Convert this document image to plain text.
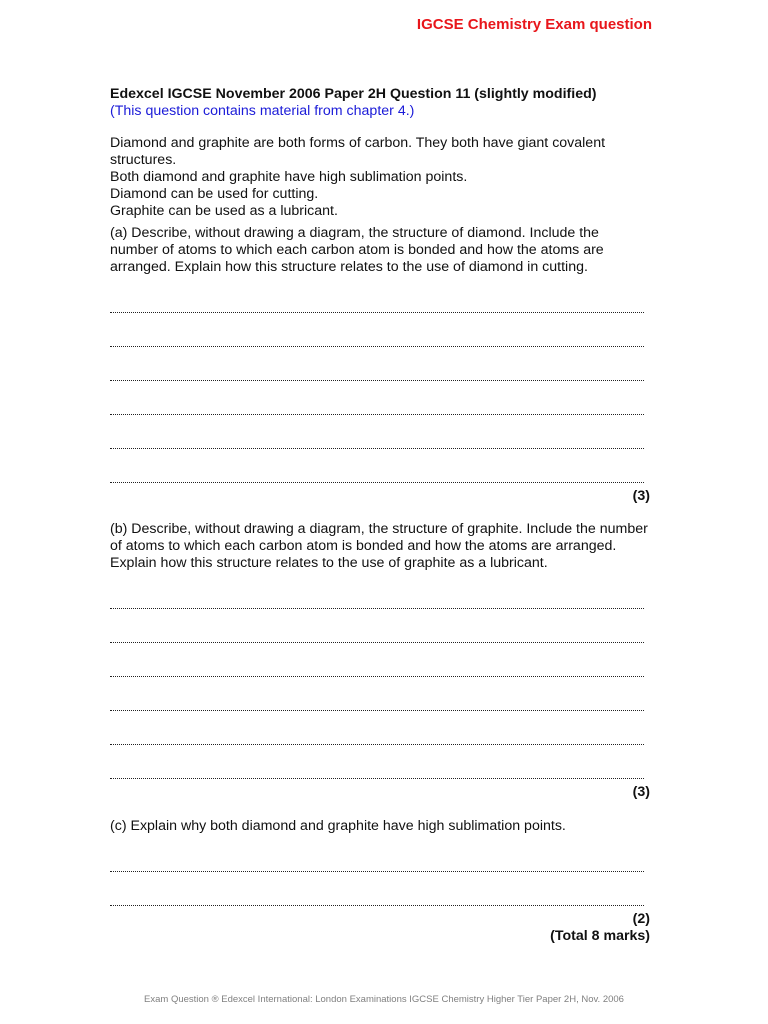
IGCSE Chemistry Exam question

Edexcel IGCSE November 2006 Paper 2H Question 11 (slightly modified)

(This question contains material from chapter 4.)

Diamond and graphite are both forms of carbon. They both have giant covalent structures.

Both diamond and graphite have high sublimation points.

Diamond can be used for cutting.

Graphite can be used as a lubricant.

(a) Describe, without drawing a diagram, the structure of diamond. Include the number of atoms to which each carbon atom is bonded and how the atoms are arranged. Explain how this structure relates to the use of diamond in cutting.

(3)

(b) Describe, without drawing a diagram, the structure of graphite. Include the number of atoms to which each carbon atom is bonded and how the atoms are arranged. Explain how this structure relates to the use of graphite as a lubricant.

(3)

(c) Explain why both diamond and graphite have high sublimation points.

(2)

(Total 8 marks)

Exam Question ® Edexcel International: London Examinations IGCSE Chemistry Higher Tier Paper 2H, Nov. 2006
